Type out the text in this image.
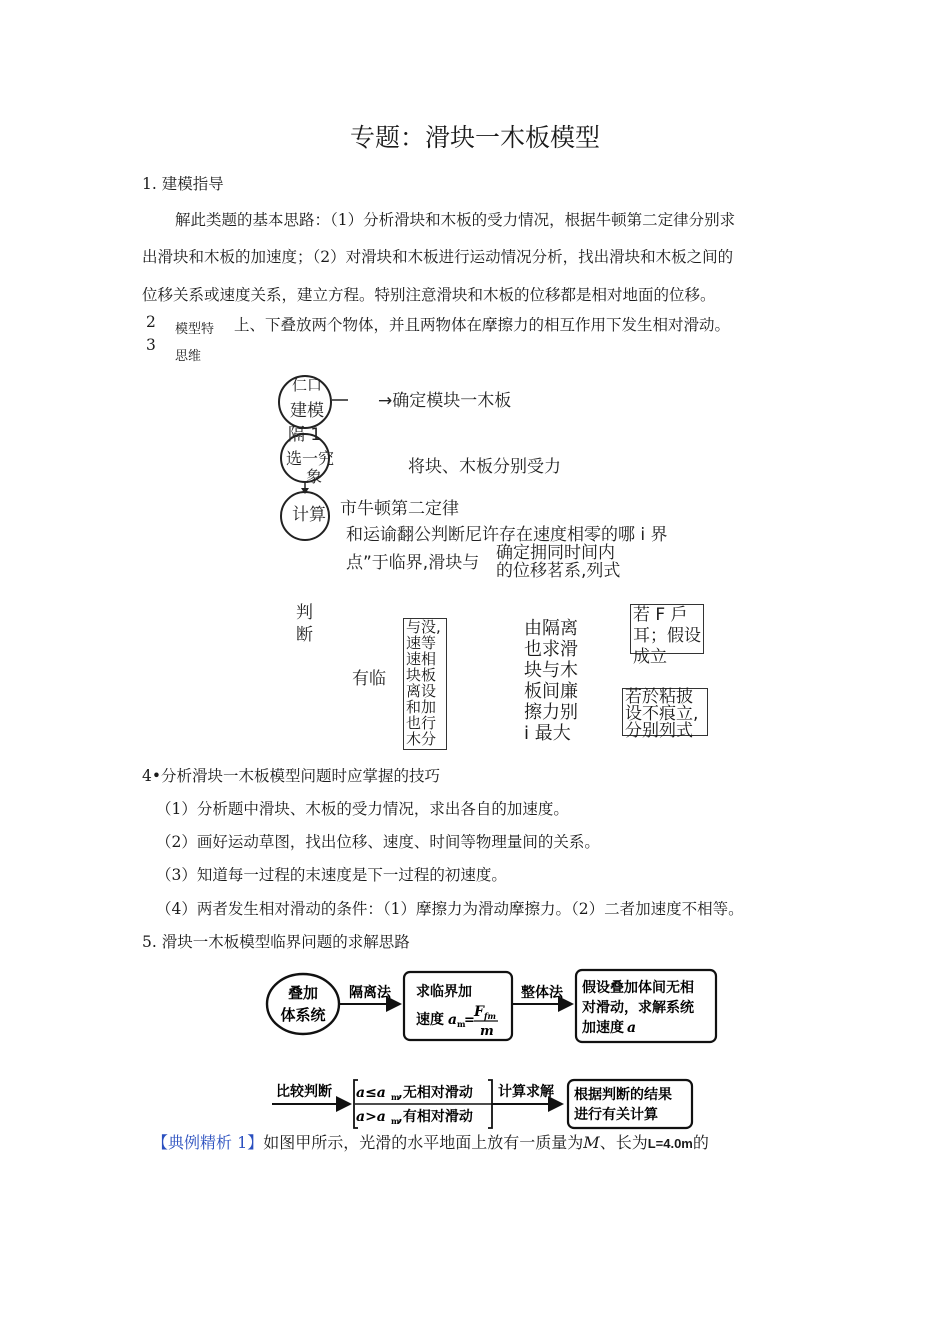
专题：滑块一木板模型
1. 建模指导
解此类题的基本思路：（1）分析滑块和木板的受力情况，根据牛顿第二定律分别求
出滑块和木板的加速度；（2）对滑块和木板进行运动情况分析，找出滑块和木板之间的
位移关系或速度关系，建立方程。特别注意滑块和木板的位移都是相对地面的位移。
2 模型特 上、下叠放两个物体，并且两物体在摩擦力的相互作用下发生相对滑动。
3
思维
仁口
建模
隔 1
选一究
象
计算
→确定模块一木板
将块、木板分别受力
市牛顿第二定律
和运谕翻公判断尼许存在速度相零的哪 i 界
点”于临界,滑块与 确定拥同时间内
的位移茗系,列式
判
断
有临
与没,速等速相块板离设和加也行木分
由隔离也求滑块与木板间廉擦力别 i 最大
若 F 戶耳；假设成立
若於粘披设不痕立,分别列式
4•分析滑块一木板模型问题时应掌握的技巧
（1）分析题中滑块、木板的受力情况，求出各自的加速度。
（2）画好运动草图，找出位移、速度、时间等物理量间的关系。
（3）知道每一过程的末速度是下一过程的初速度。
（4）两者发生相对滑动的条件：（1）摩擦力为滑动摩擦力。（2）二者加速度不相等。
5. 滑块一木板模型临界问题的求解思路
叠加
体系统
隔离法 求临界加
速度 a m
=
F fm
m
整体法 假设叠加体间无相
对滑动，求解系统
加速度 a
比较判断 a≤a m
,无相对滑动
a>a m
,有相对滑动
计算求解 根据判断的结果
进行有关计算
【典例精析 1】如图甲所示，光滑的水平地面上放有一质量为M、长为L=4.0m的
